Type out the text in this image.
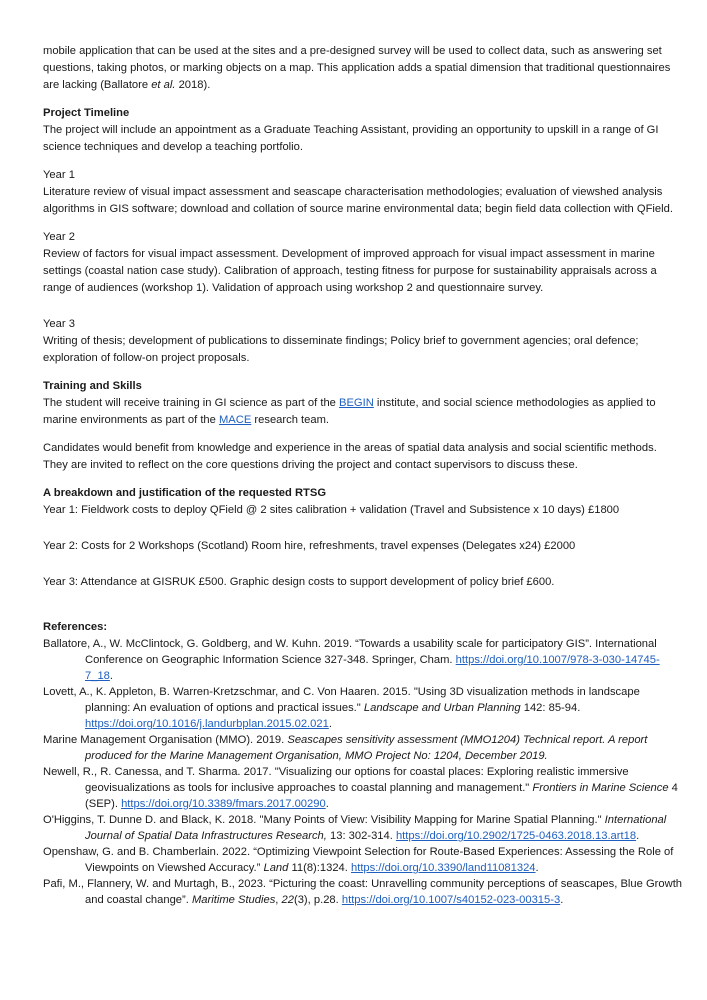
mobile application that can be used at the sites and a pre-designed survey will be used to collect data, such as answering set questions, taking photos, or marking objects on a map. This application adds a spatial dimension that traditional questionnaires are lacking (Ballatore et al. 2018).

Project Timeline

The project will include an appointment as a Graduate Teaching Assistant, providing an opportunity to upskill in a range of GI science techniques and develop a teaching portfolio.

Year 1

Literature review of visual impact assessment and seascape characterisation methodologies; evaluation of viewshed analysis algorithms in GIS software; download and collation of source marine environmental data; begin field data collection with QField.

Year 2

Review of factors for visual impact assessment. Development of improved approach for visual impact assessment in marine settings (coastal nation case study). Calibration of approach, testing fitness for purpose for sustainability appraisals across a range of audiences (workshop 1). Validation of approach using workshop 2 and questionnaire survey.

Year 3

Writing of thesis; development of publications to disseminate findings; Policy brief to government agencies; oral defence; exploration of follow-on project proposals.

Training and Skills

The student will receive training in GI science as part of the BEGIN institute, and social science methodologies as applied to marine environments as part of the MACE research team.

Candidates would benefit from knowledge and experience in the areas of spatial data analysis and social scientific methods. They are invited to reflect on the core questions driving the project and contact supervisors to discuss these.

A breakdown and justification of the requested RTSG

Year 1: Fieldwork costs to deploy QField @ 2 sites calibration + validation (Travel and Subsistence x 10 days) £1800

Year 2: Costs for 2 Workshops (Scotland) Room hire, refreshments, travel expenses (Delegates x24) £2000

Year 3: Attendance at GISRUK £500. Graphic design costs to support development of policy brief £600.

References:

Ballatore, A., W. McClintock, G. Goldberg, and W. Kuhn. 2019. “Towards a usability scale for participatory GIS”. International Conference on Geographic Information Science 327-348. Springer, Cham. https://doi.org/10.1007/978-3-030-14745-7_18.

Lovett, A., K. Appleton, B. Warren-Kretzschmar, and C. Von Haaren. 2015. "Using 3D visualization methods in landscape planning: An evaluation of options and practical issues." Landscape and Urban Planning 142: 85-94. https://doi.org/10.1016/j.landurbplan.2015.02.021.

Marine Management Organisation (MMO). 2019. Seascapes sensitivity assessment (MMO1204) Technical report. A report produced for the Marine Management Organisation, MMO Project No: 1204, December 2019.

Newell, R., R. Canessa, and T. Sharma. 2017. "Visualizing our options for coastal places: Exploring realistic immersive geovisualizations as tools for inclusive approaches to coastal planning and management." Frontiers in Marine Science 4 (SEP). https://doi.org/10.3389/fmars.2017.00290.

O'Higgins, T. Dunne D. and Black, K. 2018. "Many Points of View: Visibility Mapping for Marine Spatial Planning." International Journal of Spatial Data Infrastructures Research, 13: 302-314. https://doi.org/10.2902/1725-0463.2018.13.art18.

Openshaw, G. and B. Chamberlain. 2022. “Optimizing Viewpoint Selection for Route-Based Experiences: Assessing the Role of Viewpoints on Viewshed Accuracy.” Land 11(8):1324. https://doi.org/10.3390/land11081324.

Pafi, M., Flannery, W. and Murtagh, B., 2023. “Picturing the coast: Unravelling community perceptions of seascapes, Blue Growth and coastal change”. Maritime Studies, 22(3), p.28. https://doi.org/10.1007/s40152-023-00315-3.
